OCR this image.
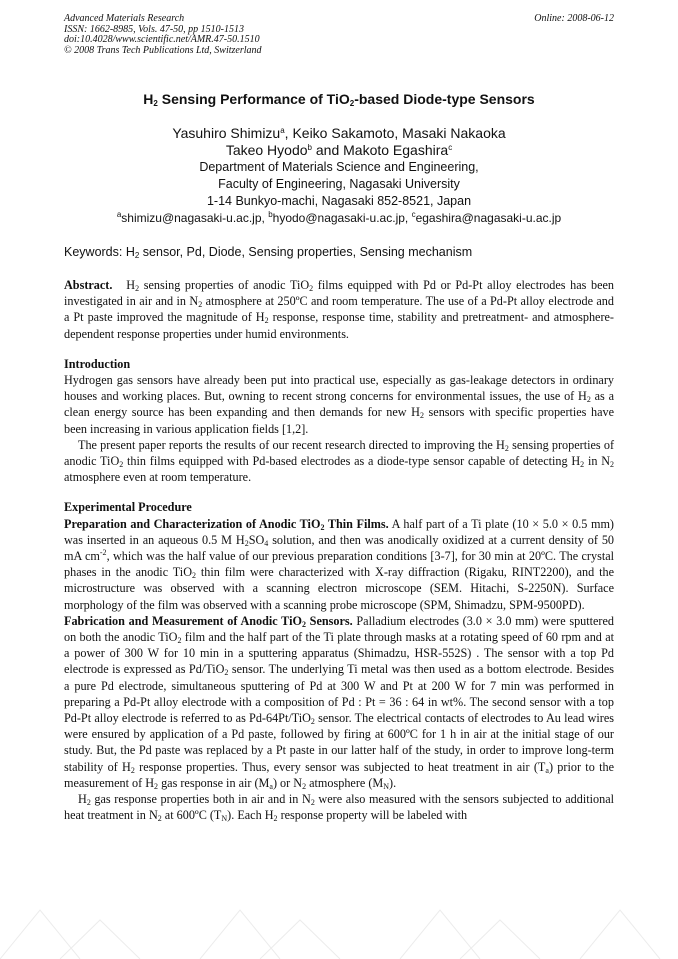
Advanced Materials Research
ISSN: 1662-8985, Vols. 47-50, pp 1510-1513
doi:10.4028/www.scientific.net/AMR.47-50.1510
© 2008 Trans Tech Publications Ltd, Switzerland
Online: 2008-06-12
$H_2$ Sensing Performance of TiO$_2$-based Diode-type Sensors
Yasuhiro Shimizu$^a$, Keiko Sakamoto, Masaki Nakaoka
Takeo Hyodo$^b$ and Makoto Egashira$^c$
Department of Materials Science and Engineering,
Faculty of Engineering, Nagasaki University
1-14 Bunkyo-machi, Nagasaki 852-8521, Japan
$^a$shimizu@nagasaki-u.ac.jp, $^b$hyodo@nagasaki-u.ac.jp, $^c$egashira@nagasaki-u.ac.jp
Keywords: $H_2$ sensor, Pd, Diode, Sensing properties, Sensing mechanism
Abstract. $H_2$ sensing properties of anodic TiO$_2$ films equipped with Pd or Pd-Pt alloy electrodes has been investigated in air and in $N_2$ atmosphere at 250ºC and room temperature. The use of a Pd-Pt alloy electrode and a Pt paste improved the magnitude of $H_2$ response, response time, stability and pretreatment- and atmosphere-dependent response properties under humid environments.
Introduction

Hydrogen gas sensors have already been put into practical use, especially as gas-leakage detectors in ordinary houses and working places. But, owning to recent strong concerns for environmental issues, the use of $H_2$ as a clean energy source has been expanding and then demands for new $H_2$ sensors with specific properties have been increasing in various application fields [1,2].

The present paper reports the results of our recent research directed to improving the $H_2$ sensing properties of anodic TiO$_2$ thin films equipped with Pd-based electrodes as a diode-type sensor capable of detecting $H_2$ in $N_2$ atmosphere even at room temperature.

Experimental Procedure

Preparation and Characterization of Anodic TiO$_2$ Thin Films. A half part of a Ti plate (10 × 5.0 × 0.5 mm) was inserted in an aqueous 0.5 M $H_2SO_4$ solution, and then was anodically oxidized at a current density of 50 mA $cm^{-2}$, which was the half value of our previous preparation conditions [3-7], for 30 min at 20ºC. The crystal phases in the anodic TiO$_2$ thin film were characterized with X-ray diffraction (Rigaku, RINT2200), and the microstructure was observed with a scanning electron microscope (SEM. Hitachi, S-2250N). Surface morphology of the film was observed with a scanning probe microscope (SPM, Shimadzu, SPM-9500PD).

Fabrication and Measurement of Anodic TiO$_2$ Sensors. Palladium electrodes (3.0 × 3.0 mm) were sputtered on both the anodic TiO$_2$ film and the half part of the Ti plate through masks at a rotating speed of 60 rpm and at a power of 300 W for 10 min in a sputtering apparatus (Shimadzu, HSR-552S) . The sensor with a top Pd electrode is expressed as Pd/TiO$_2$ sensor. The underlying Ti metal was then used as a bottom electrode. Besides a pure Pd electrode, simultaneous sputtering of Pd at 300 W and Pt at 200 W for 7 min was performed in preparing a Pd-Pt alloy electrode with a composition of Pd : Pt = 36 : 64 in wt%. The second sensor with a top Pd-Pt alloy electrode is referred to as Pd-64Pt/TiO$_2$ sensor. The electrical contacts of electrodes to Au lead wires were ensured by application of a Pd paste, followed by firing at 600ºC for 1 h in air at the initial stage of our study. But, the Pd paste was replaced by a Pt paste in our latter half of the study, in order to improve long-term stability of $H_2$ response properties. Thus, every sensor was subjected to heat treatment in air $(T_a)$ prior to the measurement of $H_2$ gas response in air $(M_a)$ or $N_2$ atmosphere $(M_N)$.

$H_2$ gas response properties both in air and in $N_2$ were also measured with the sensors subjected to additional heat treatment in $N_2$ at 600ºC $(T_N)$. Each $H_2$ response property will be labeled with
